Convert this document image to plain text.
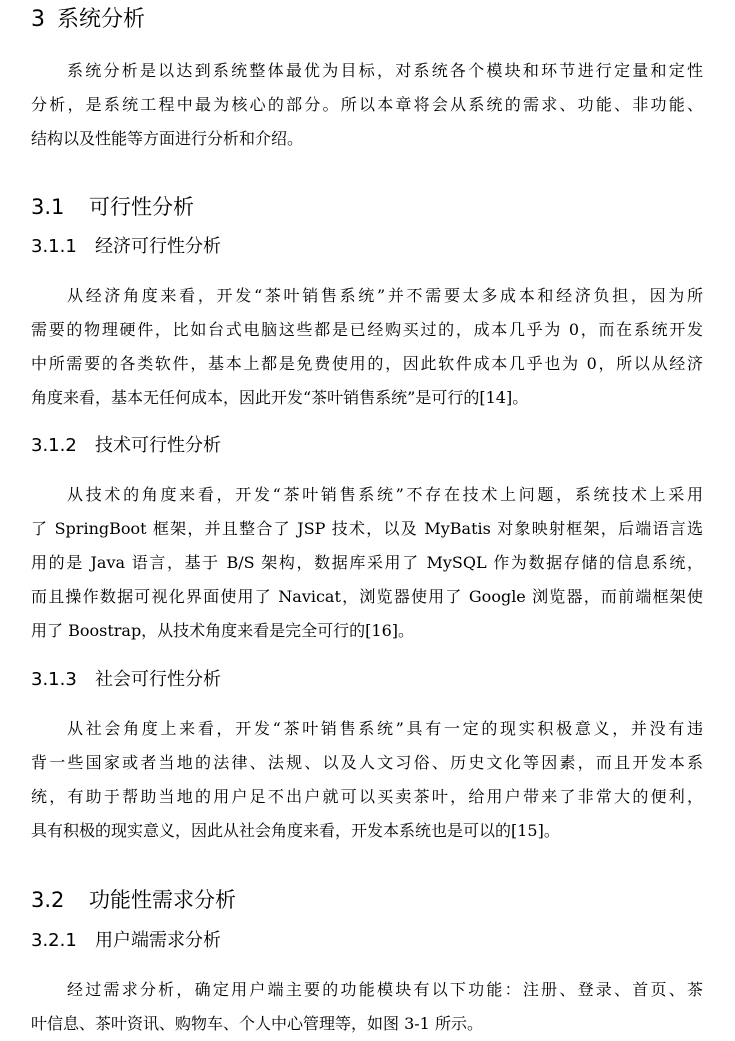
3 系统分析
系统分析是以达到系统整体最优为目标，对系统各个模块和环节进行定量和定性
分析，是系统工程中最为核心的部分。所以本章将会从系统的需求、功能、非功能、
结构以及性能等方面进行分析和介绍。
3.1 可行性分析
3.1.1 经济可行性分析
从经济角度来看，开发“茶叶销售系统”并不需要太多成本和经济负担，因为所
需要的物理硬件，比如台式电脑这些都是已经购买过的，成本几乎为 0，而在系统开发
中所需要的各类软件，基本上都是免费使用的，因此软件成本几乎也为 0，所以从经济
角度来看，基本无任何成本，因此开发“茶叶销售系统”是可行的[14]。
3.1.2 技术可行性分析
从技术的角度来看，开发“茶叶销售系统”不存在技术上问题，系统技术上采用
了 SpringBoot 框架，并且整合了 JSP 技术，以及 MyBatis 对象映射框架，后端语言选
用的是 Java 语言，基于 B/S 架构，数据库采用了 MySQL 作为数据存储的信息系统，
而且操作数据可视化界面使用了 Navicat，浏览器使用了 Google 浏览器，而前端框架使
用了 Boostrap，从技术角度来看是完全可行的[16]。
3.1.3 社会可行性分析
从社会角度上来看，开发“茶叶销售系统”具有一定的现实积极意义，并没有违
背一些国家或者当地的法律、法规、以及人文习俗、历史文化等因素，而且开发本系
统，有助于帮助当地的用户足不出户就可以买卖茶叶，给用户带来了非常大的便利，
具有积极的现实意义，因此从社会角度来看，开发本系统也是可以的[15]。
3.2 功能性需求分析
3.2.1 用户端需求分析
经过需求分析，确定用户端主要的功能模块有以下功能：注册、登录、首页、茶
叶信息、茶叶资讯、购物车、个人中心管理等，如图 3-1 所示。
